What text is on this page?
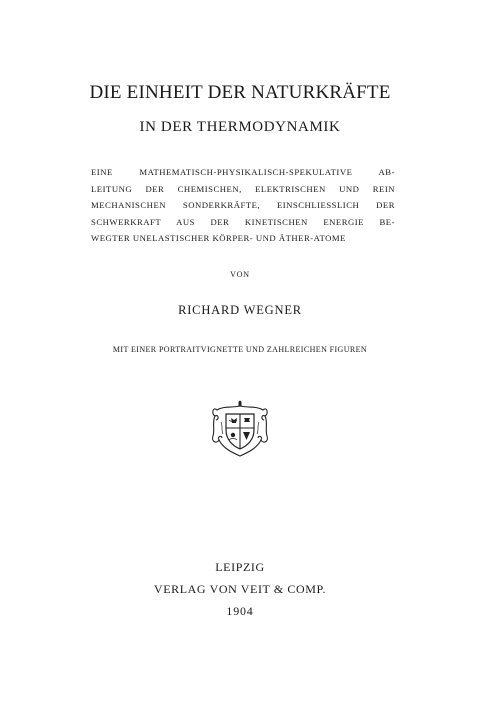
DIE EINHEIT DER NATURKRÄFTE
IN DER THERMODYNAMIK
EINE MATHEMATISCH-PHYSIKALISCH-SPEKULATIVE AB-
LEITUNG DER CHEMISCHEN, ELEKTRISCHEN UND REIN
MECHANISCHEN SONDERKRÄFTE, EINSCHLIESSLICH DER
SCHWERKRAFT AUS DER KINETISCHEN ENERGIE BE-
WEGTER UNELASTISCHER KÖRPER- UND ÄTHER-ATOME
VON
RICHARD WEGNER
MIT EINER PORTRAITVIGNETTE UND ZAHLREICHEN FIGUREN
LEIPZIG
VERLAG VON VEIT & COMP.
1904
